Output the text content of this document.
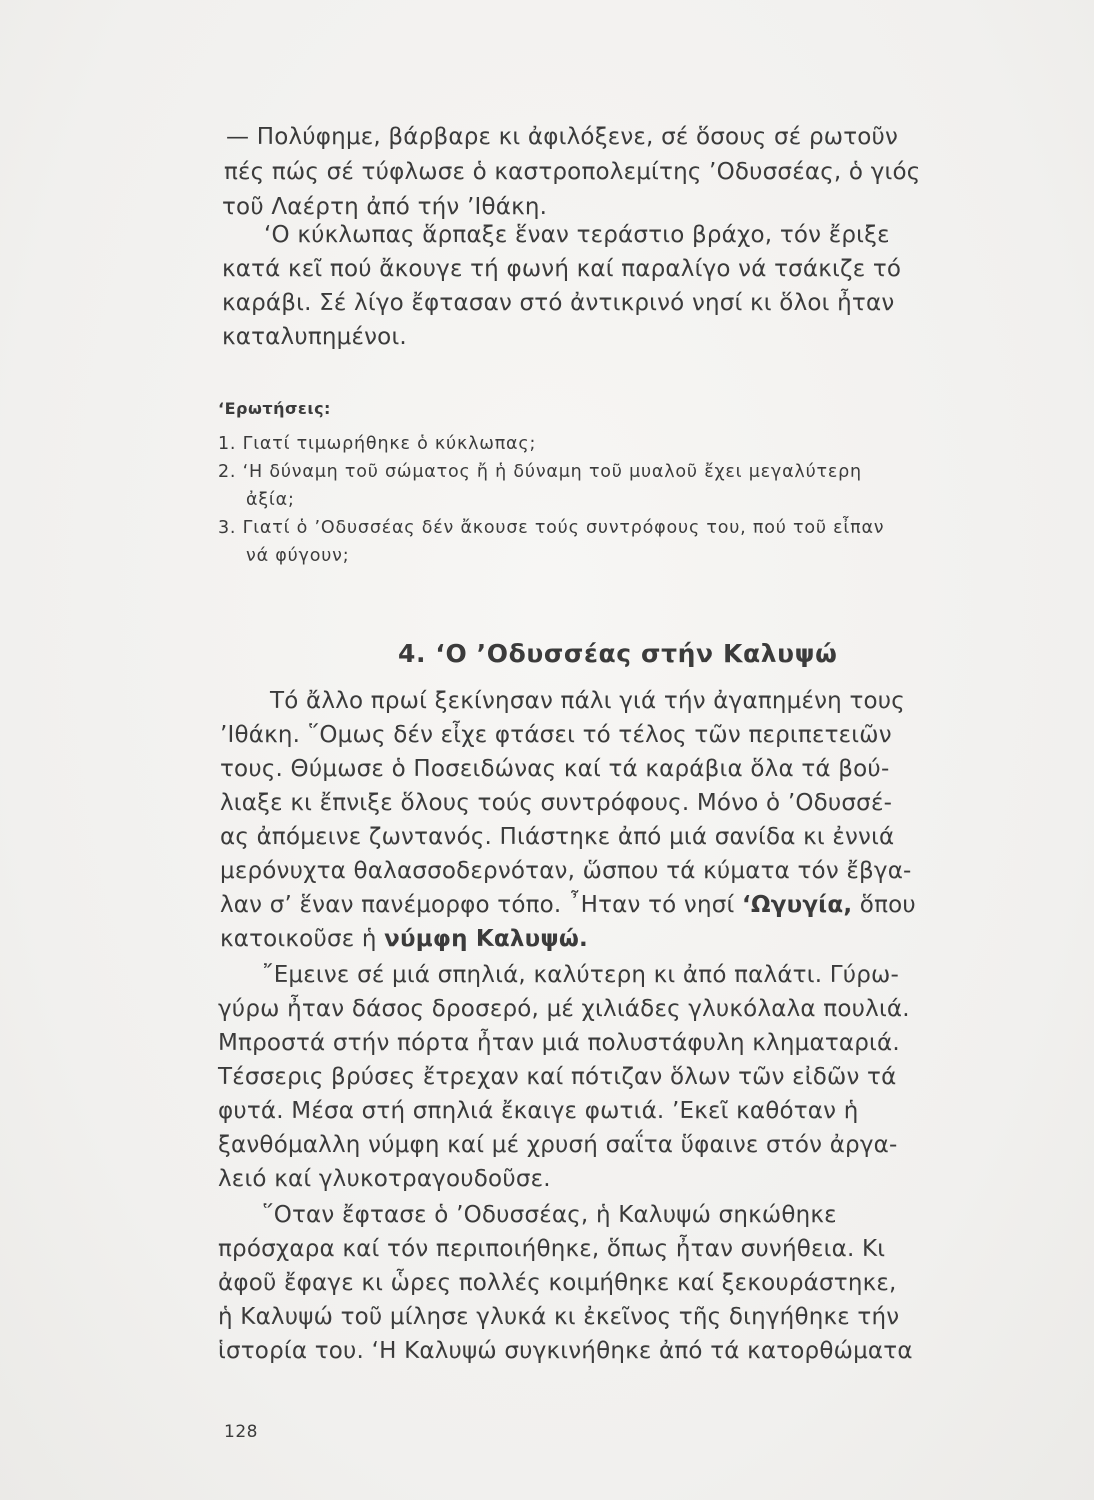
— Πολύφημε, βάρβαρε κι ἀφιλόξενε, σέ ὅσους σέ ρωτοῦν
πές πώς σέ τύφλωσε ὁ καστροπολεμίτης ’Οδυσσέας, ὁ γιός
τοῦ Λαέρτη ἀπό τήν ’Ιθάκη.
‘Ο κύκλωπας ἅρπαξε ἕναν τεράστιο βράχο, τόν ἔριξε
κατά κεῖ πού ἄκουγε τή φωνή καί παραλίγο νά τσάκιζε τό
καράβι. Σέ λίγο ἔφτασαν στό ἀντικρινό νησί κι ὅλοι ἦταν
καταλυπημένοι.
‘Ερωτήσεις:
1. Γιατί τιμωρήθηκε ὁ κύκλωπας;
2. ‘Η δύναμη τοῦ σώματος ἤ ἡ δύναμη τοῦ μυαλοῦ ἔχει μεγαλύτερη
ἀξία;
3. Γιατί ὁ ’Οδυσσέας δέν ἄκουσε τούς συντρόφους του, πού τοῦ εἶπαν
νά φύγουν;
4. ‘Ο ’Οδυσσέας στήν Καλυψώ
Τό ἄλλο πρωί ξεκίνησαν πάλι γιά τήν ἀγαπημένη τους
’Ιθάκη. ῞Ομως δέν εἶχε φτάσει τό τέλος τῶν περιπετειῶν
τους. Θύμωσε ὁ Ποσειδώνας καί τά καράβια ὅλα τά βού-
λιαξε κι ἔπνιξε ὅλους τούς συντρόφους. Μόνο ὁ ’Οδυσσέ-
ας ἀπόμεινε ζωντανός. Πιάστηκε ἀπό μιά σανίδα κι ἐννιά
μερόνυχτα θαλασσοδερνόταν, ὥσπου τά κύματα τόν ἔβγα-
λαν σ’ ἕναν πανέμορφο τόπο. ῏Ηταν τό νησί ‘Ωγυγία, ὅπου
κατοικοῦσε ἡ νύμφη Καλυψώ.
῎Εμεινε σέ μιά σπηλιά, καλύτερη κι ἀπό παλάτι. Γύρω-
γύρω ἦταν δάσος δροσερό, μέ χιλιάδες γλυκόλαλα πουλιά.
Μπροστά στήν πόρτα ἦταν μιά πολυστάφυλη κληματαριά.
Τέσσερις βρύσες ἔτρεχαν καί πότιζαν ὅλων τῶν εἰδῶν τά
φυτά. Μέσα στή σπηλιά ἔκαιγε φωτιά. ’Εκεῖ καθόταν ἡ
ξανθόμαλλη νύμφη καί μέ χρυσή σαΐτα ὕφαινε στόν ἀργα-
λειό καί γλυκοτραγουδοῦσε.
῞Οταν ἔφτασε ὁ ’Οδυσσέας, ἡ Καλυψώ σηκώθηκε
πρόσχαρα καί τόν περιποιήθηκε, ὅπως ἦταν συνήθεια. Κι
ἀφοῦ ἔφαγε κι ὧρες πολλές κοιμήθηκε καί ξεκουράστηκε,
ἡ Καλυψώ τοῦ μίλησε γλυκά κι ἐκεῖνος τῆς διηγήθηκε τήν
ἱστορία του. ‘Η Καλυψώ συγκινήθηκε ἀπό τά κατορθώματα
128
